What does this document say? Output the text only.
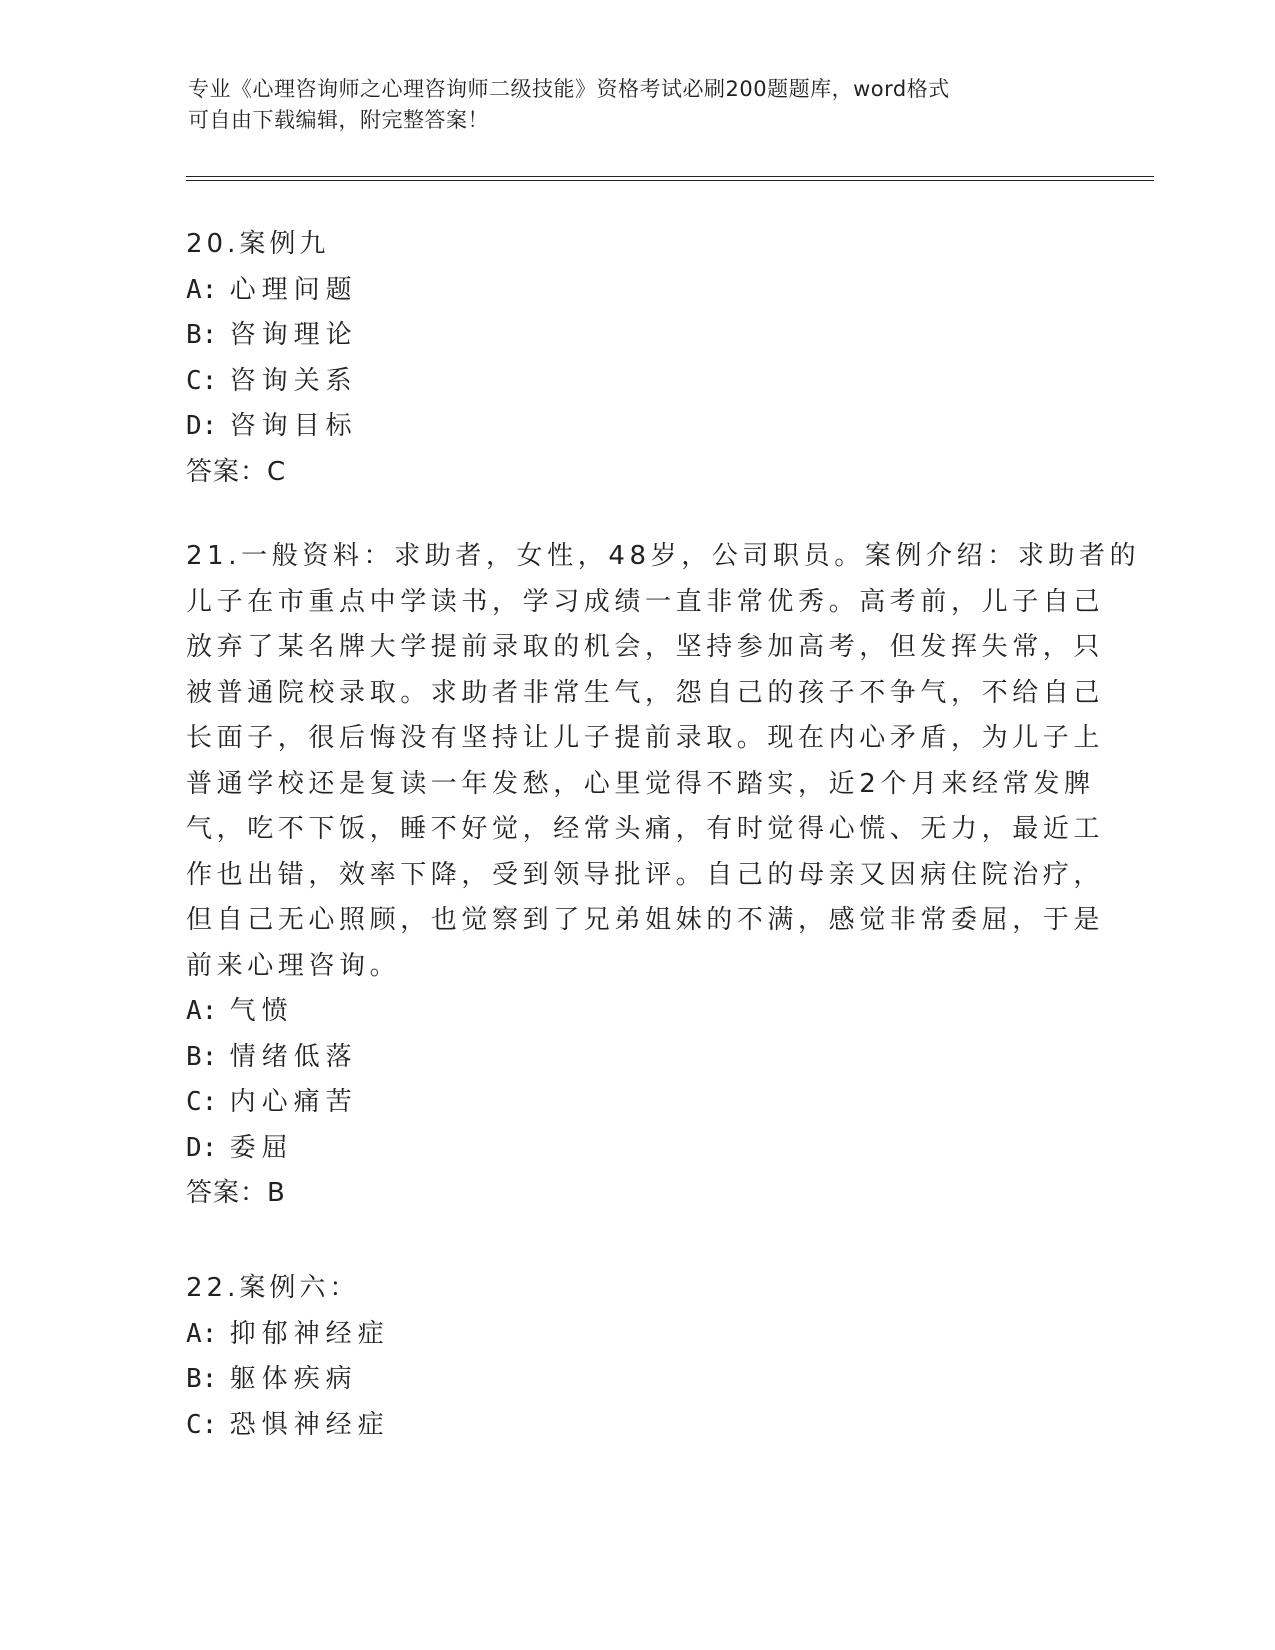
专业《心理咨询师之心理咨询师二级技能》资格考试必刷200题题库，word格式
可自由下载编辑，附完整答案！
20.案例九
A: 心理问题
B: 咨询理论
C: 咨询关系
D: 咨询目标
答案：C
21.一般资料：求助者，女性，48岁，公司职员。案例介绍：求助者的
儿子在市重点中学读书，学习成绩一直非常优秀。高考前，儿子自己
放弃了某名牌大学提前录取的机会，坚持参加高考，但发挥失常，只
被普通院校录取。求助者非常生气，怨自己的孩子不争气，不给自己
长面子，很后悔没有坚持让儿子提前录取。现在内心矛盾，为儿子上
普通学校还是复读一年发愁，心里觉得不踏实，近2个月来经常发脾
气，吃不下饭，睡不好觉，经常头痛，有时觉得心慌、无力，最近工
作也出错，效率下降，受到领导批评。自己的母亲又因病住院治疗，
但自己无心照顾，也觉察到了兄弟姐妹的不满，感觉非常委屈，于是
前来心理咨询。
A: 气愤
B: 情绪低落
C: 内心痛苦
D: 委屈
答案：B
22.案例六：
A: 抑郁神经症
B: 躯体疾病
C: 恐惧神经症
